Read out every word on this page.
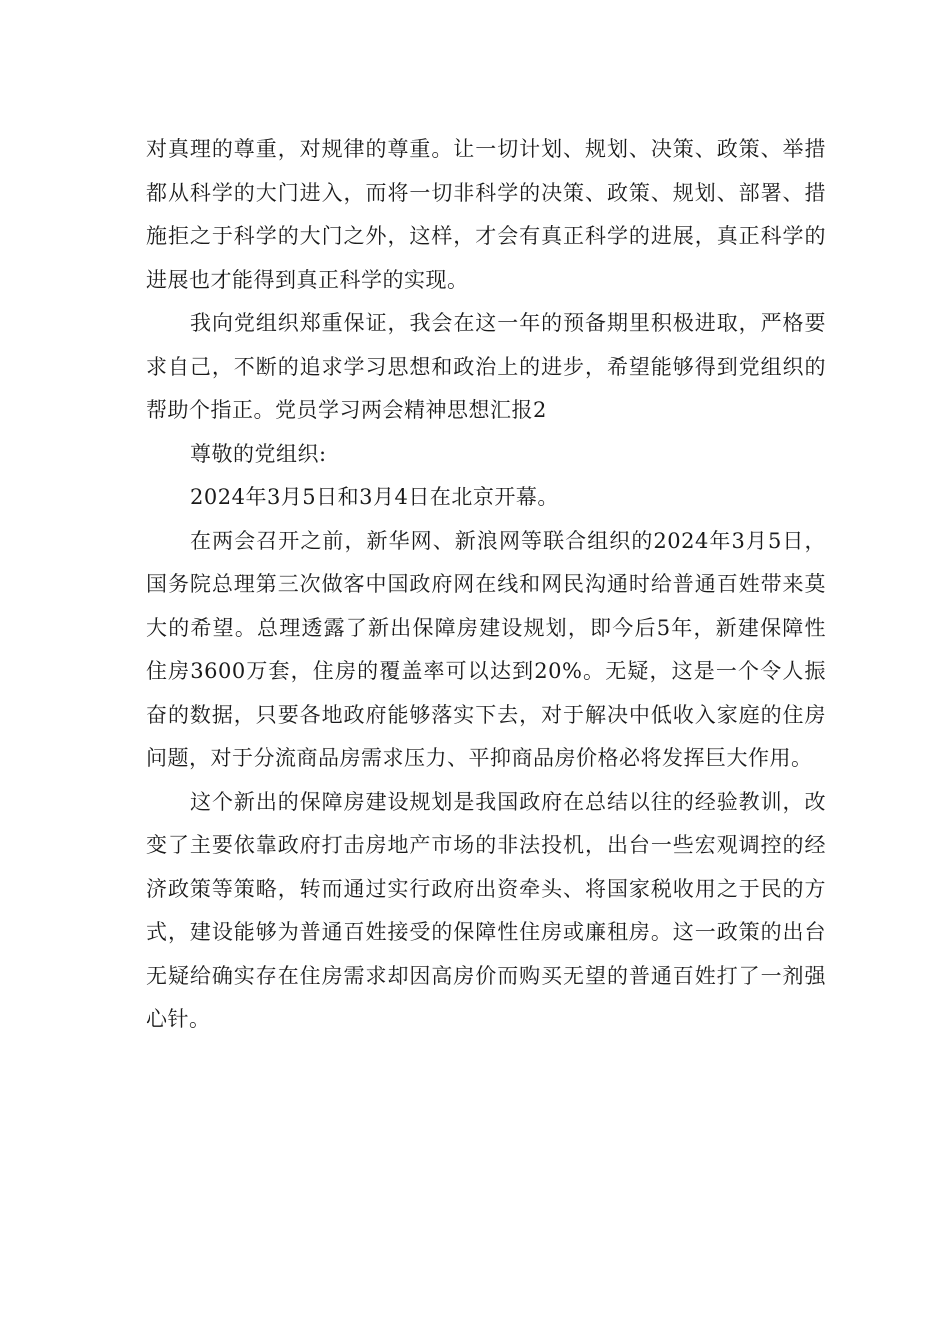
对真理的尊重，对规律的尊重。让一切计划、规划、决策、政策、举措都从科学的大门进入，而将一切非科学的决策、政策、规划、部署、措施拒之于科学的大门之外，这样，才会有真正科学的进展，真正科学的进展也才能得到真正科学的实现。

我向党组织郑重保证，我会在这一年的预备期里积极进取，严格要求自己，不断的追求学习思想和政治上的进步，希望能够得到党组织的帮助个指正。党员学习两会精神思想汇报2

尊敬的党组织:

2024年3月5日和3月4日在北京开幕。

在两会召开之前，新华网、新浪网等联合组织的2024年3月5日，国务院总理第三次做客中国政府网在线和网民沟通时给普通百姓带来莫大的希望。总理透露了新出保障房建设规划，即今后5年，新建保障性住房3600万套，住房的覆盖率可以达到20%。无疑，这是一个令人振奋的数据，只要各地政府能够落实下去，对于解决中低收入家庭的住房问题，对于分流商品房需求压力、平抑商品房价格必将发挥巨大作用。

这个新出的保障房建设规划是我国政府在总结以往的经验教训，改变了主要依靠政府打击房地产市场的非法投机，出台一些宏观调控的经济政策等策略，转而通过实行政府出资牵头、将国家税收用之于民的方式，建设能够为普通百姓接受的保障性住房或廉租房。这一政策的出台无疑给确实存在住房需求却因高房价而购买无望的普通百姓打了一剂强心针。
